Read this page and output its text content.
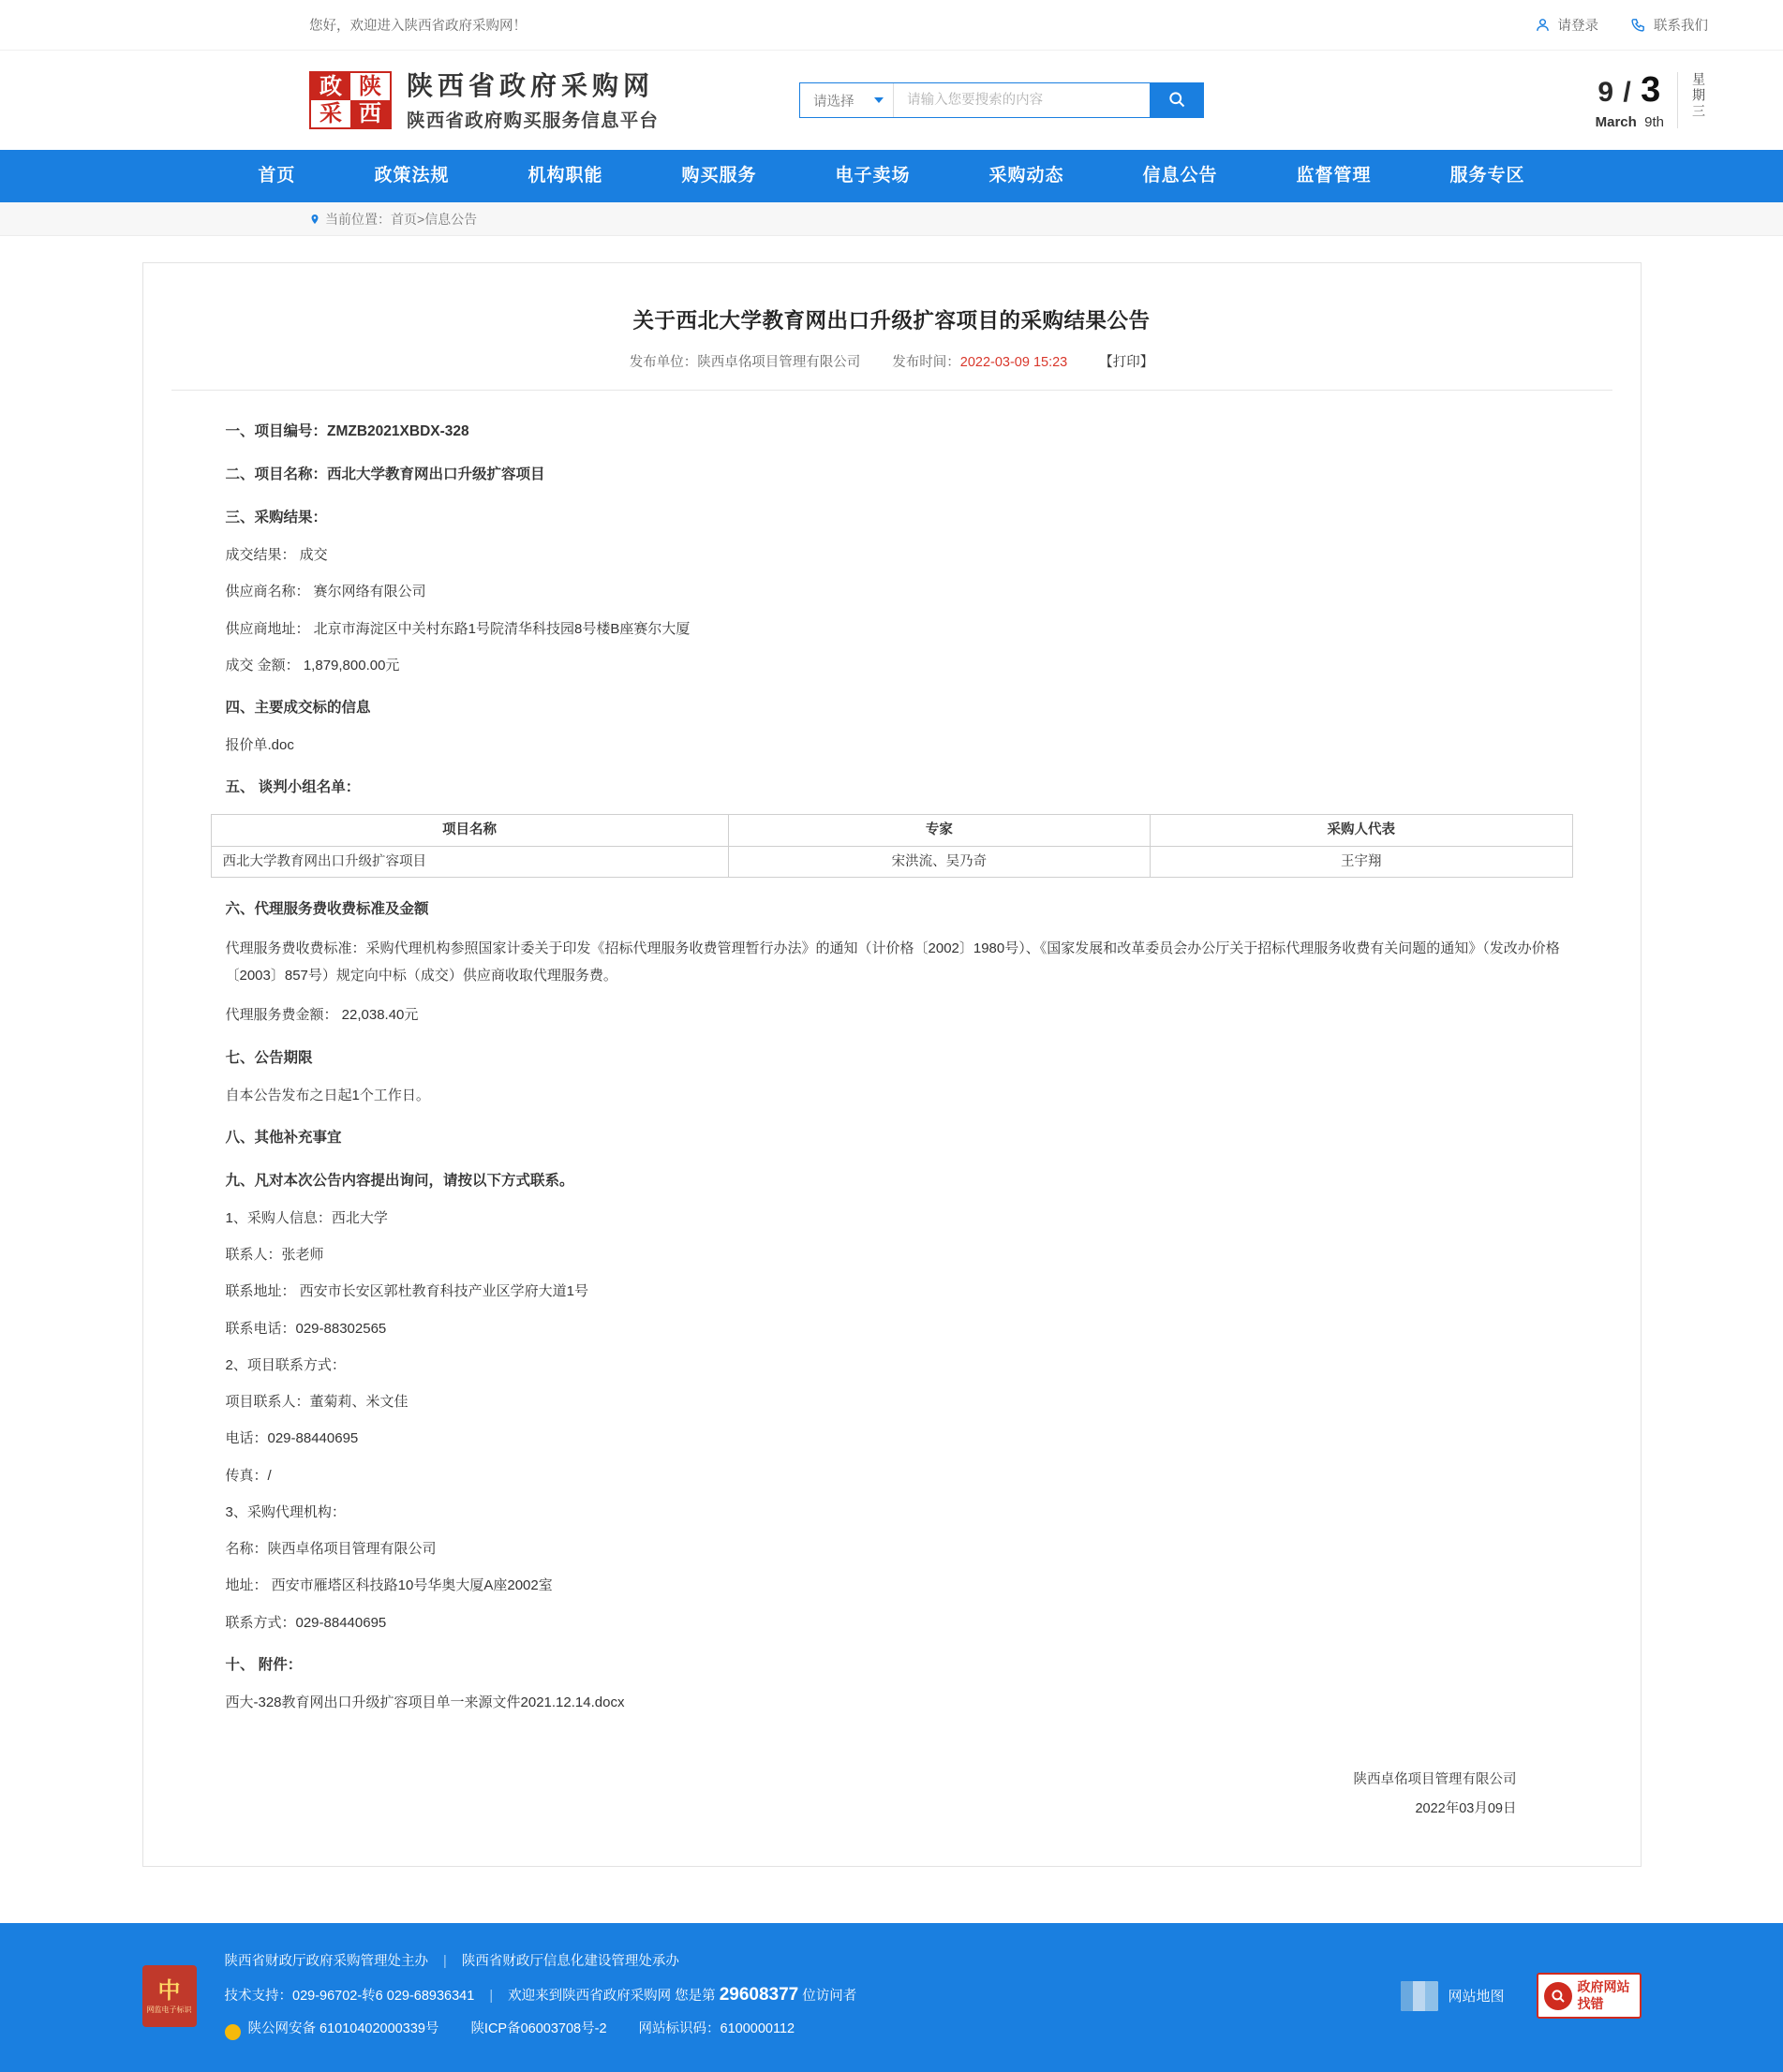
您好，欢迎进入陕西省政府采购网！	请登录	联系我们
政 陕
采 西
陕西省政府采购网
陕西省政府购买服务信息平台
请选择
请输入您要搜索的内容	9 / 3
March 9th
星期三
首页	政策法规	机构职能	购买服务	电子卖场	采购动态	信息公告	监督管理	服务专区
当前位置： 首页 > 信息公告
关于西北大学教育网出口升级扩容项目的采购结果公告
发布单位：陕西卓佲项目管理有限公司 发布时间：2022-03-09 15:23 【打印】

一、项目编号：ZMZB2021XBDX-328

二、项目名称：西北大学教育网出口升级扩容项目

三、采购结果：

成交结果： 成交

供应商名称： 赛尔网络有限公司

供应商地址： 北京市海淀区中关村东路1号院清华科技园8号楼B座赛尔大厦

成交 金额： 1,879,800.00元

四、主要成交标的信息

报价单.doc

五、 谈判小组名单：

项目名称	专家	采购人代表
西北大学教育网出口升级扩容项目	宋洪流、吴乃奇	王宇翔

六、代理服务费收费标准及金额

代理服务费收费标准：采购代理机构参照国家计委关于印发《招标代理服务收费管理暂行办法》的通知（计价格〔2002〕1980号）、《国家发展和改革委员会办公厅关于招标代理服务收费有关问题的通知》（发改办价格〔2003〕857号）规定向中标（成交）供应商收取代理服务费。

代理服务费金额： 22,038.40元

七、公告期限

自本公告发布之日起1个工作日。

八、其他补充事宜

九、凡对本次公告内容提出询问，请按以下方式联系。

1、采购人信息：西北大学

联系人：张老师

联系地址： 西安市长安区郭杜教育科技产业区学府大道1号

联系电话：029-88302565

2、项目联系方式：

项目联系人：董菊莉、米文佳

电话：029-88440695

传真：/

3、采购代理机构：

名称：陕西卓佲项目管理有限公司

地址： 西安市雁塔区科技路10号华奥大厦A座2002室

联系方式：029-88440695

十、 附件：

西大-328教育网出口升级扩容项目单一来源文件2021.12.14.docx

陕西卓佲项目管理有限公司
2022年03月09日
中
网监电子标识
陕西省财政厅政府采购管理处主办 | 陕西省财政厅信息化建设管理处承办
技术支持：029-96702-转6 029-68936341 | 欢迎来到陕西省政府采购网 您是第 29608377 位访问者
陕公网安备 61010402000339号 陕ICP备06003708号-2 网站标识码：6100000112
网站地图
政府网站
找错
